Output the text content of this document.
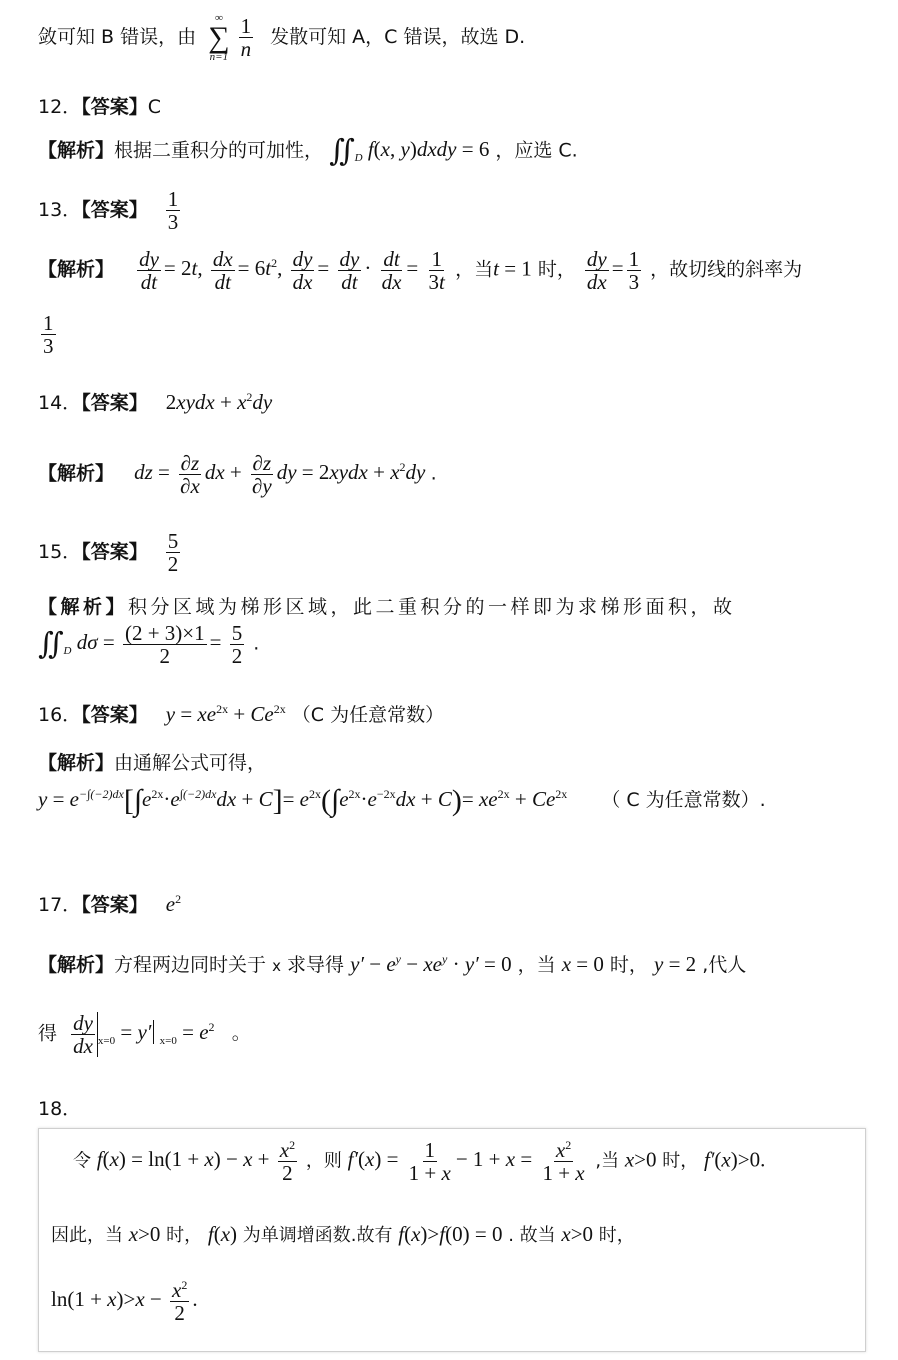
敛可知 B 错误，由
∞
∑
$n=1 \frac{1}{n}$ 发散可知 A，C 错误，故选 D.
12．【答案】C
【解析】根据二重积分的可加性， $∬_D$ f(x, y)dxdy = 6 ，应选 C.
13．【答案】 $\frac{1}{3}$
【解析】 $\frac{dy}{dt} = 2t$, $\frac{dx}{dt} = 6t^2$, $\frac{dy}{dx} = \frac{dy}{dt} \cdot \frac{dt}{dx} = \frac{1}{3t}$ ，当t = 1 时， $\frac{dy}{dx} = \frac{1}{3}$ ，故切线的斜率为
$\frac{1}{3}$
14．【答案】 2xydx + $x^2dy$
【解析】 dz = $\frac{\partial z}{\partial x}$ dx + $\frac{\partial z}{\partial y}$ dy = 2xydx + $x^2dy$ .
15．【答案】 $\frac{5}{2}$
【解析】积分区域为梯形区域，此二重积分的一样即为求梯形面积，故
$∬_D$ $d\sigma = \frac{(2 + 3)\times 1}{2} = \frac{5}{2}$ .
16．【答案】 $y = xe^{2x} + Ce^{2x}$ （C 为任意常数）
【解析】由通解公式可得，
$y = e^{-\int(-2)dx}[\int e^{2x}\cdot e^{\int(-2)dx}dx + C]= e^{2x}(\int e^{2x}\cdot e^{-2x}dx + C)= xe^{2x} + Ce^{2x}$ （ C 为任意常数）.
17．【答案】 $e^2$
【解析】方程两边同时关于 x 求导得 $y' - e^y - xe^y \cdot y' = 0$ ，当 x = 0 时， y = 2 ,代人
得 $\frac{dy}{dx} _{x=0} = y'$ $_{x=0} = e^2$ 。
18．
令 $f(x) = \ln(1 + x) - x + \frac{x^2}{2}$ ，则 $f'(x) = \frac{1}{1 + x} - 1 + x = \frac{x^2}{1 + x}$ ,当 x>0 时， f′(x)>0.
因此，当 x>0 时， f(x) 为单调增函数.故有 f(x)>f(0) = 0 . 故当 x>0 时，
$\ln(1 + x)>x - \frac{x^2}{2}$ .
